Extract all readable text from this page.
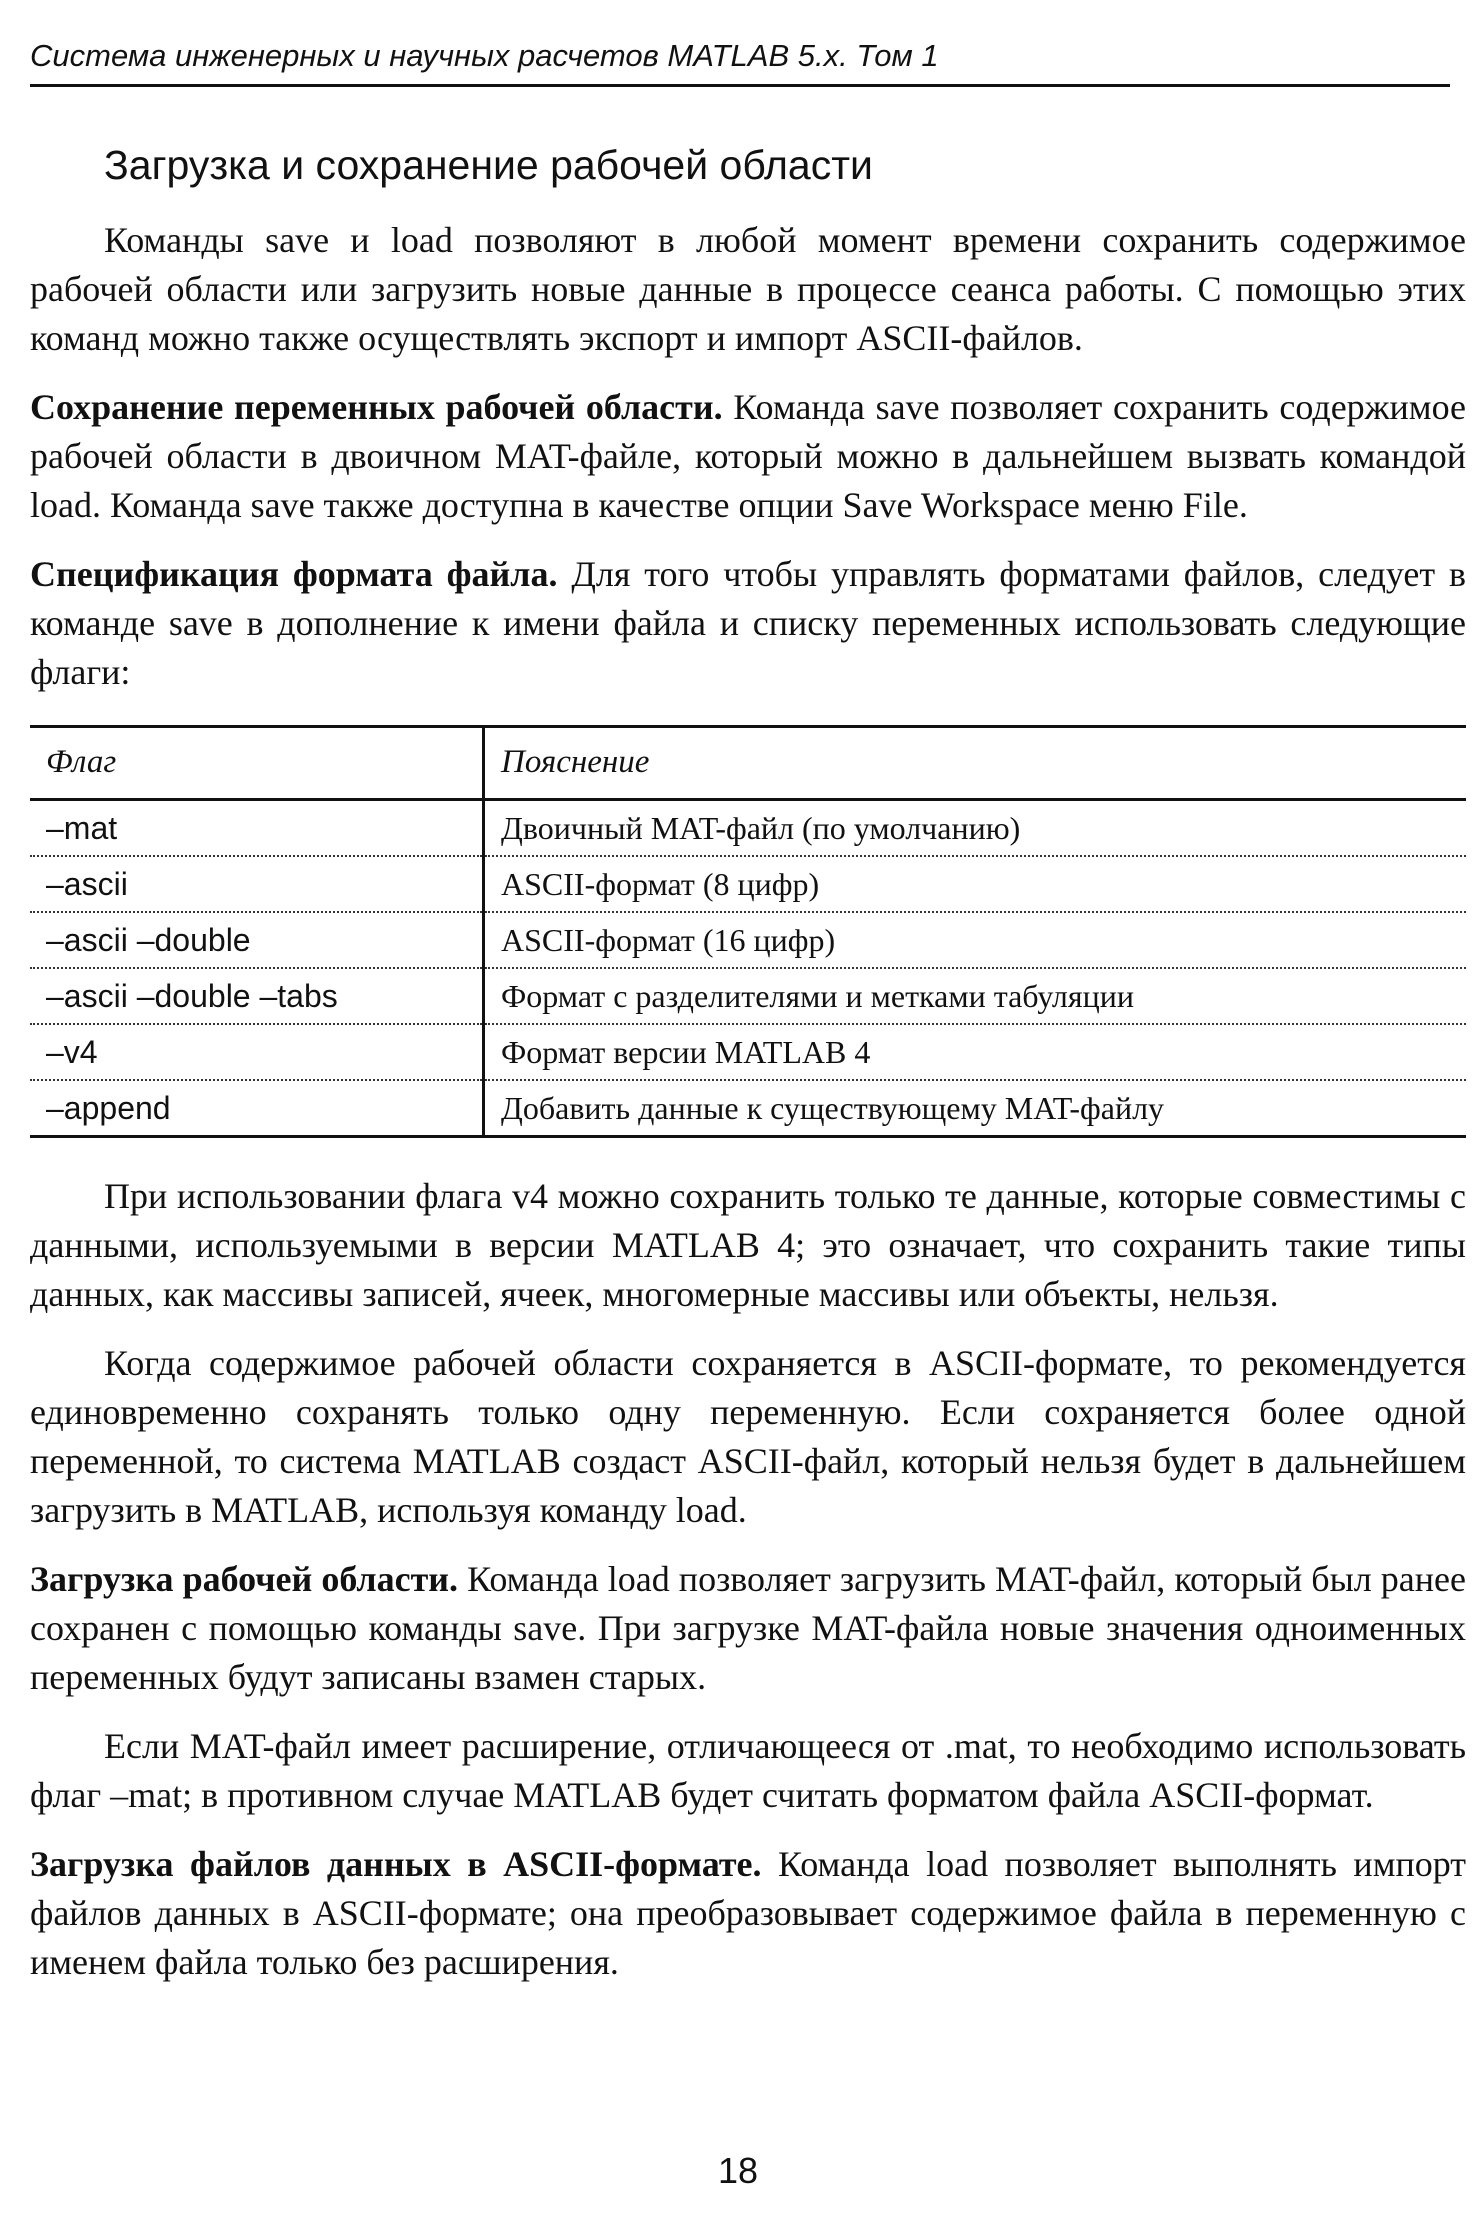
Система инженерных и научных расчетов MATLAB 5.x. Том 1
Загрузка и сохранение рабочей области

Команды save и load позволяют в любой момент времени сохранить содержимое рабочей области или загрузить новые данные в процессе сеанса работы. С помощью этих команд можно также осуществлять экспорт и импорт ASCII-файлов.

Сохранение переменных рабочей области. Команда save позволяет сохранить содержимое рабочей области в двоичном MAT-файле, который можно в дальнейшем вызвать командой load. Команда save также доступна в качестве опции Save Workspace меню File.

Спецификация формата файла. Для того чтобы управлять форматами файлов, следует в команде save в дополнение к имени файла и списку переменных использовать следующие флаги:

Флаг	Пояснение
–mat	Двоичный MAT-файл (по умолчанию)
–ascii	ASCII-формат (8 цифр)
–ascii –double	ASCII-формат (16 цифр)
–ascii –double –tabs	Формат с разделителями и метками табуляции
–v4	Формат версии MATLAB 4
–append	Добавить данные к существующему MAT-файлу

При использовании флага v4 можно сохранить только те данные, которые совместимы с данными, используемыми в версии MATLAB 4; это означает, что сохранить такие типы данных, как массивы записей, ячеек, многомерные массивы или объекты, нельзя.

Когда содержимое рабочей области сохраняется в ASCII-формате, то рекомендуется единовременно сохранять только одну переменную. Если сохраняется более одной переменной, то система MATLAB создаст ASCII-файл, который нельзя будет в дальнейшем загрузить в MATLAB, используя команду load.

Загрузка рабочей области. Команда load позволяет загрузить MAT-файл, который был ранее сохранен с помощью команды save. При загрузке MAT-файла новые значения одноименных переменных будут записаны взамен старых.

Если MAT-файл имеет расширение, отличающееся от .mat, то необходимо использовать флаг –mat; в противном случае MATLAB будет считать форматом файла ASCII-формат.

Загрузка файлов данных в ASCII-формате. Команда load позволяет выполнять импорт файлов данных в ASCII-формате; она преобразовывает содержимое файла в переменную с именем файла только без расширения.

18
